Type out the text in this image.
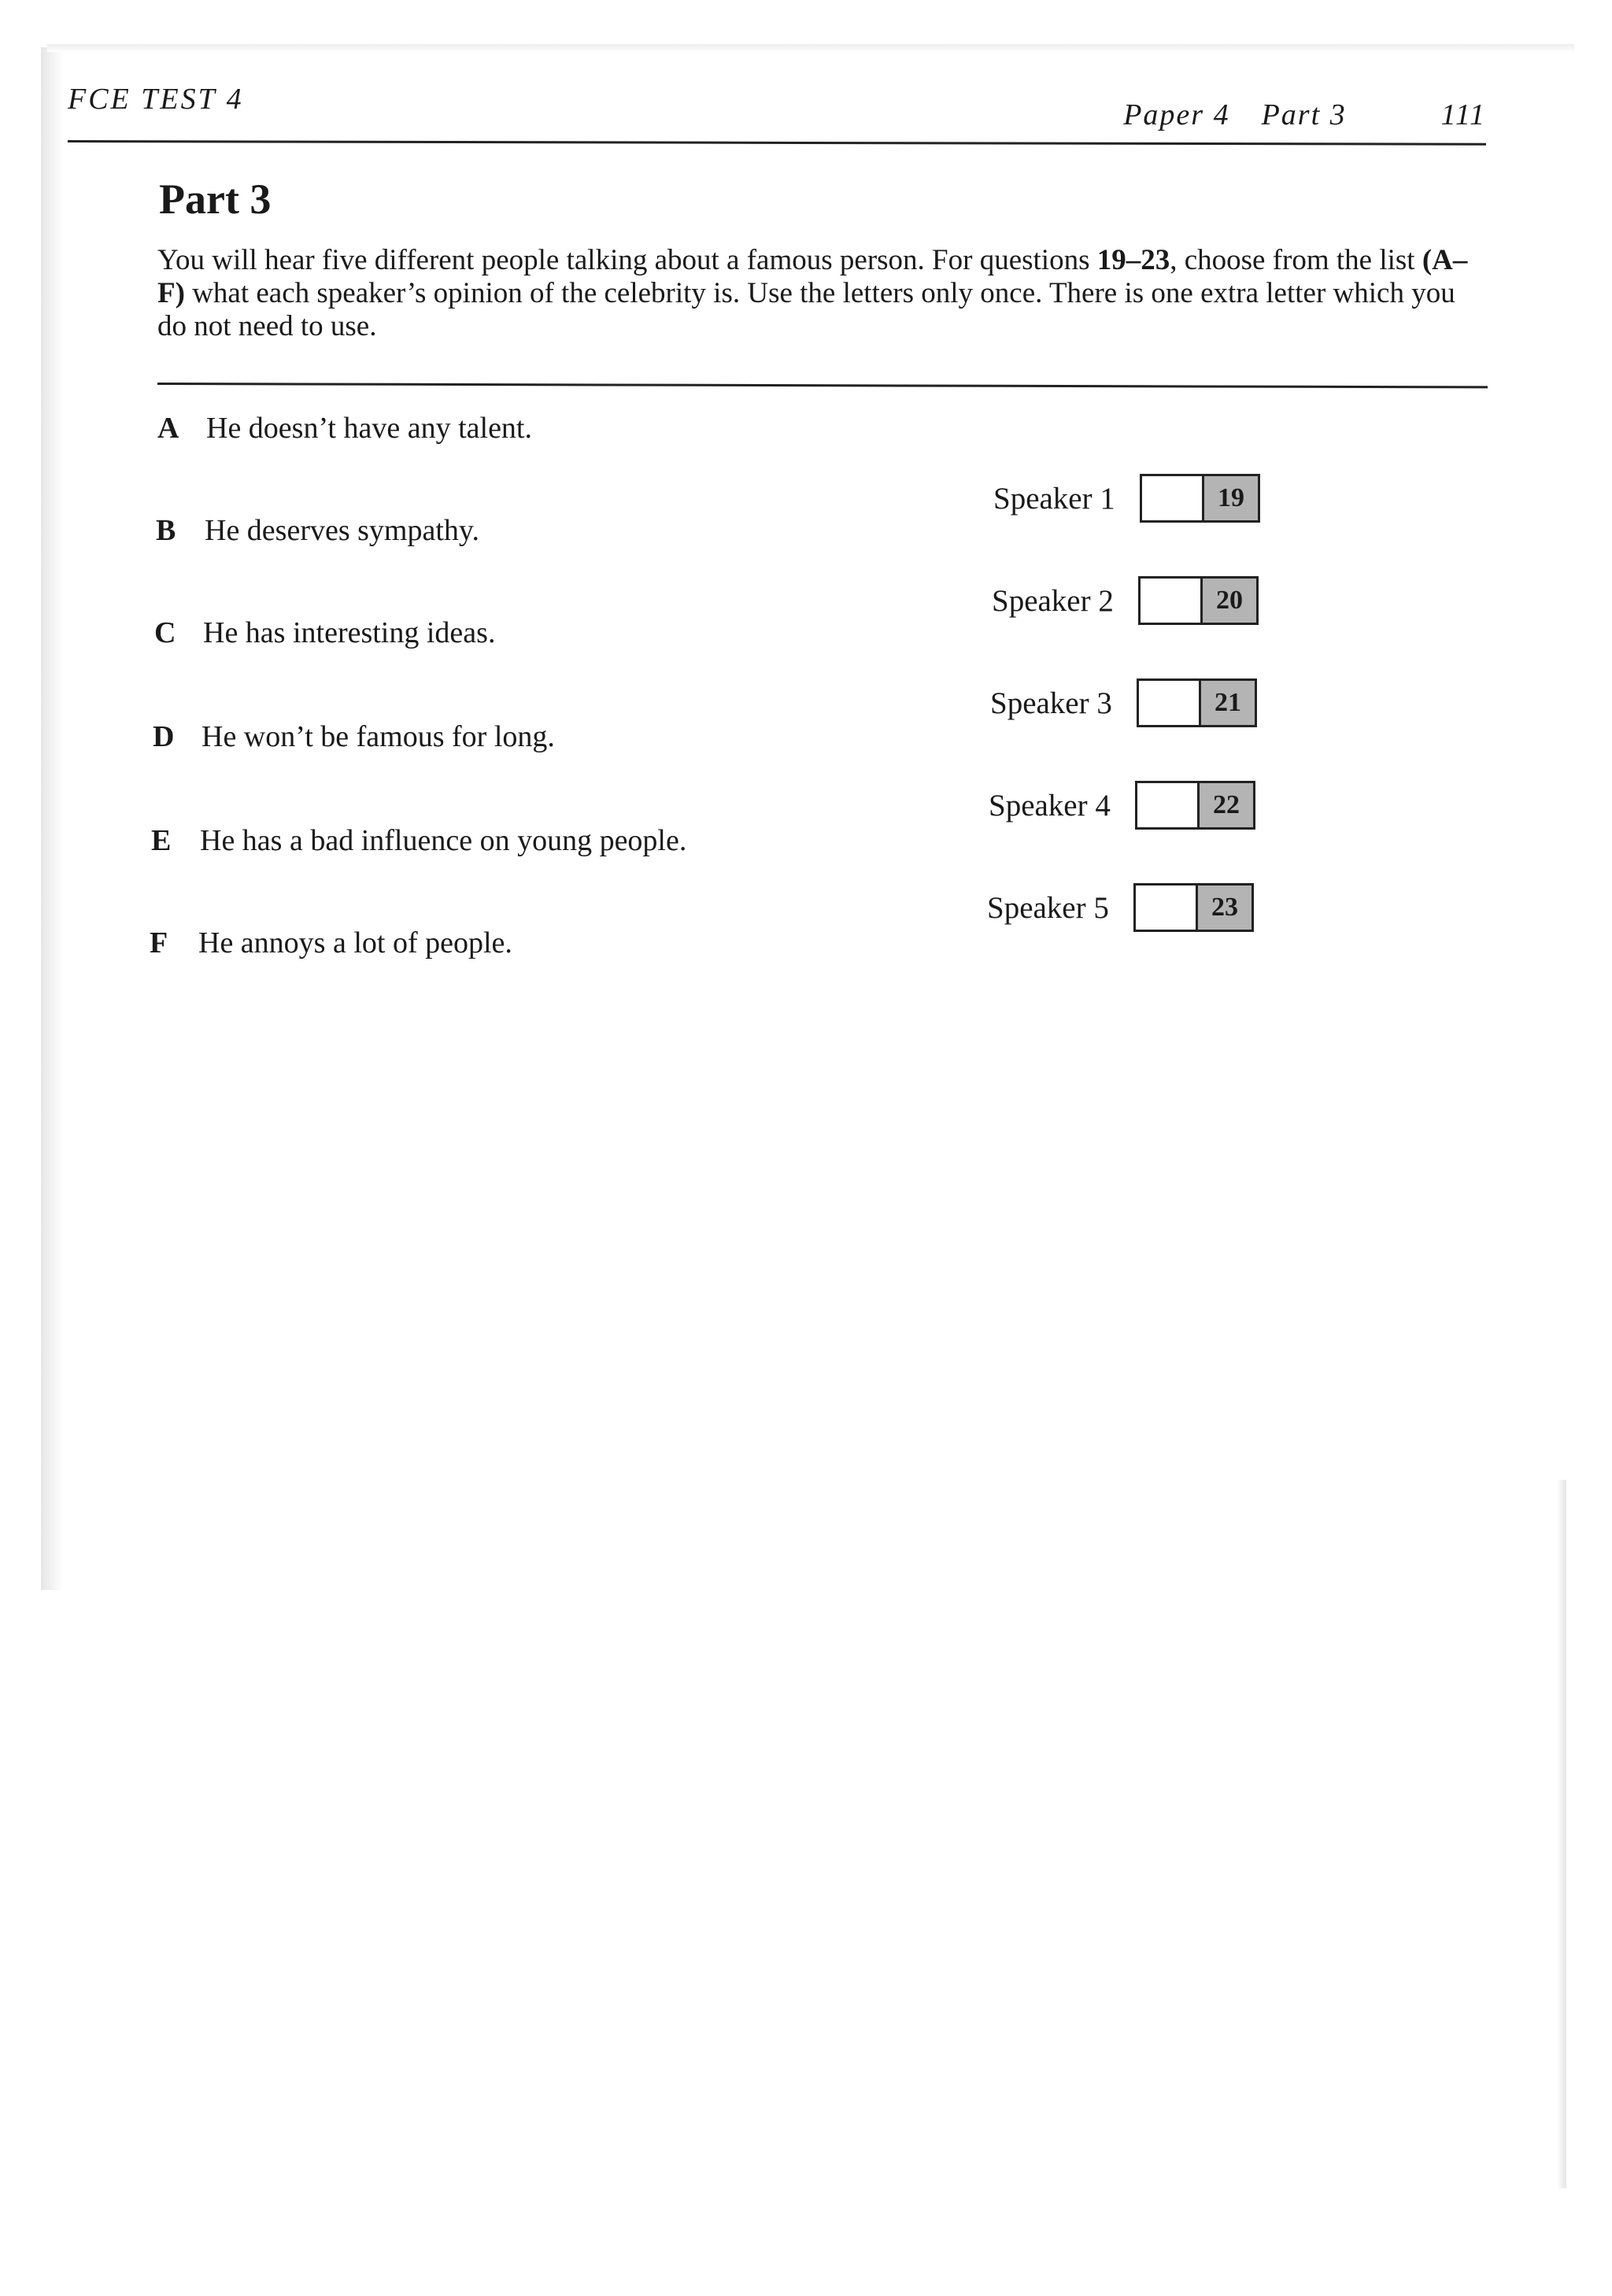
FCE TEST 4	Paper 4 Part 3	111
Part 3

You will hear five different people talking about a famous person. For questions 19–23, choose from the list (A–F) what each speaker’s opinion of the celebrity is. Use the letters only once. There is one extra letter which you do not need to use.

A He doesn’t have any talent.
B He deserves sympathy.
C He has interesting ideas.
D He won’t be famous for long.
E He has a bad influence on young people.
F	He annoys a lot of people.
Speaker 1	19
Speaker 2	20
Speaker 3	21
Speaker 4	22
Speaker 5	23
